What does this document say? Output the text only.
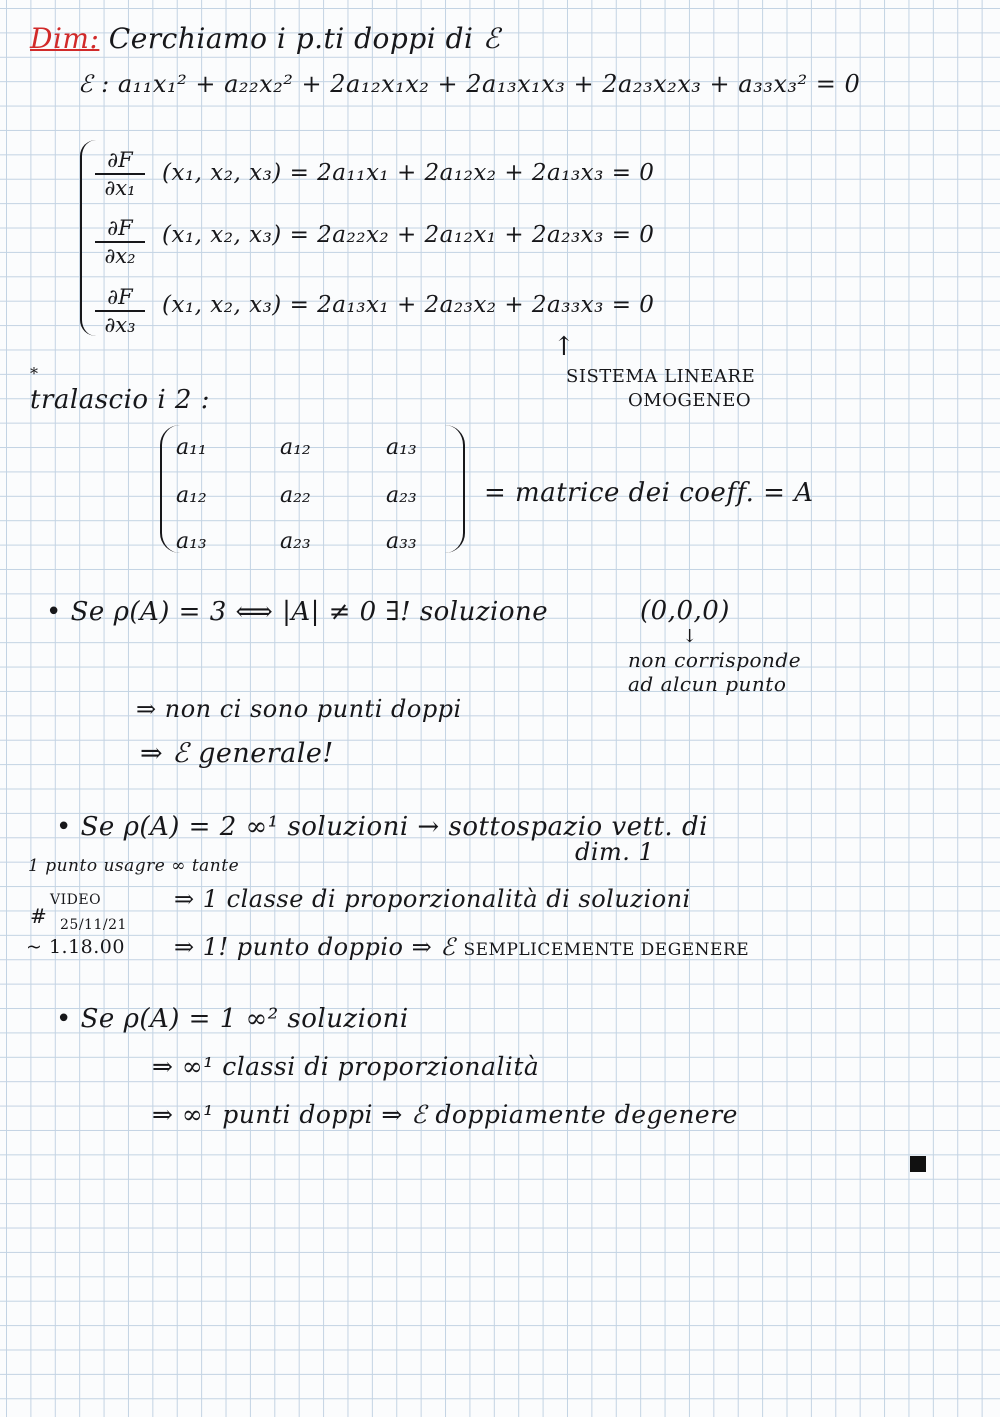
Dim: Cerchiamo i p.ti doppi di ℰ
ℰ : a₁₁x₁² + a₂₂x₂² + 2a₁₂x₁x₂ + 2a₁₃x₁x₃ + 2a₂₃x₂x₃ + a₃₃x₃² = 0
$\frac{\partial F}{\text{∂x₁}} (x_1$, x₂, x₃) = 2a₁₁x₁ + 2a₁₂x₂ + 2a₁₃x₃ = 0
$\frac{\partial F}{\text{∂x₂}} (x_1$, x₂, x₃) = 2a₂₂x₂ + 2a₁₂x₁ + 2a₂₃x₃ = 0
$\frac{\partial F}{\text{∂x₃}} (x_1$, x₂, x₃) = 2a₁₃x₁ + 2a₂₃x₂ + 2a₃₃x₃ = 0
↑
SISTEMA LINEARE
OMOGENEO
*
tralascio i 2 :
a₁₁	a₁₂	a₁₃
a₁₂	a₂₂	a₂₃
a₁₃	a₂₃	a₃₃
= matrice dei coeff. = A
• Se ρ(A) = 3 ⟺ |A| ≠ 0 ∃! soluzione	(0,0,0)
↓
non corrisponde
ad alcun punto
⇒ non ci sono punti doppi
⇒ ℰ generale!
• Se ρ(A) = 2 ∞¹ soluzioni → sottospazio vett. di
dim. 1
1 punto usagre ∞ tante
VIDEO
# 25/11/21
~ 1.18.00
⇒ 1 classe di proporzionalità di soluzioni
⇒ 1! punto doppio ⇒ ℰ SEMPLICEMENTE DEGENERE
• Se ρ(A) = 1 ∞² soluzioni
⇒ ∞¹ classi di proporzionalità
⇒ ∞¹ punti doppi ⇒ ℰ doppiamente degenere
